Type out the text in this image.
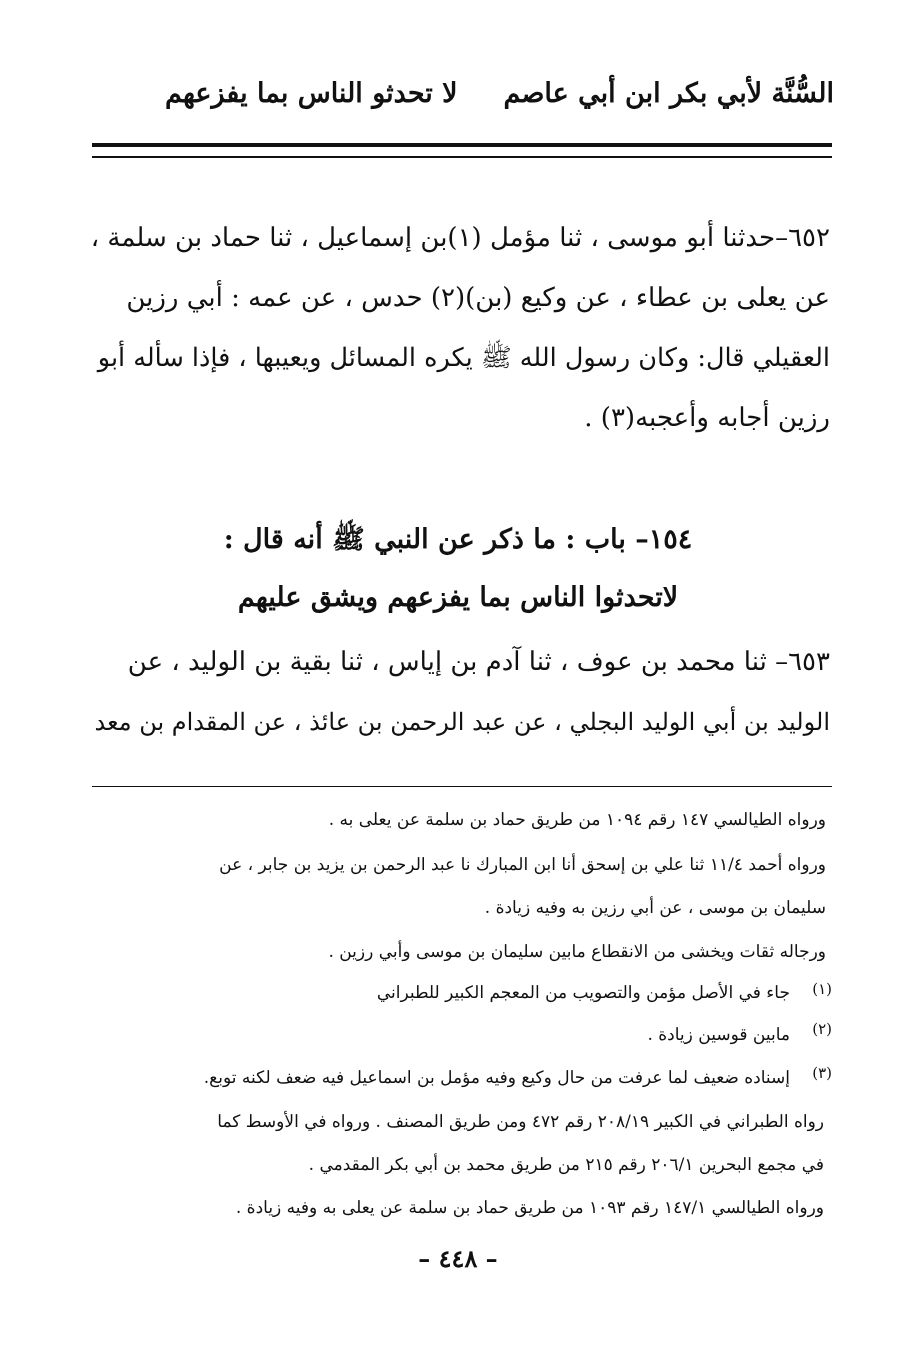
السُّنَّة لأبي بكر ابن أبي عاصم
لا تحدثو الناس بما يفزعهم
٦٥٢–حدثنا أبو موسى ، ثنا مؤمل (١)بن إسماعيل ، ثنا حماد بن سلمة ،
عن يعلى بن عطاء ، عن وكيع (بن)(٢) حدس ، عن عمه : أبي رزين
العقيلي قال: وكان رسول الله ﷺ يكره المسائل ويعيبها ، فإذا سأله أبو
رزين أجابه وأعجبه(٣) .
١٥٤– باب : ما ذكر عن النبي ﷺ أنه قال :
لاتحدثوا الناس بما يفزعهم ويشق عليهم
٦٥٣– ثنا محمد بن عوف ، ثنا آدم بن إياس ، ثنا بقية بن الوليد ، عن
الوليد بن أبي الوليد البجلي ، عن عبد الرحمن بن عائذ ، عن المقدام بن معد
ورواه الطيالسي ١٤٧ رقم ١٠٩٤ من طريق حماد بن سلمة عن يعلى به .
ورواه أحمد ١١/٤ ثنا علي بن إسحق أنا ابن المبارك نا عبد الرحمن بن يزيد بن جابر ، عن
سليمان بن موسى ، عن أبي رزين به وفيه زيادة .
ورجاله ثقات ويخشى من الانقطاع مابين سليمان بن موسى وأبي رزين .
(١)
جاء في الأصل مؤمن والتصويب من المعجم الكبير للطبراني
(٢)
مابين قوسين زيادة .
(٣)
إسناده ضعيف لما عرفت من حال وكيع وفيه مؤمل بن اسماعيل فيه ضعف لكنه توبع.
رواه الطبراني في الكبير ٢٠٨/١٩ رقم ٤٧٢ ومن طريق المصنف . ورواه في الأوسط كما
في مجمع البحرين ٢٠٦/١ رقم ٢١٥ من طريق محمد بن أبي بكر المقدمي .
ورواه الطيالسي ١٤٧/١ رقم ١٠٩٣ من طريق حماد بن سلمة عن يعلى به وفيه زيادة .
– ٤٤٨ –
